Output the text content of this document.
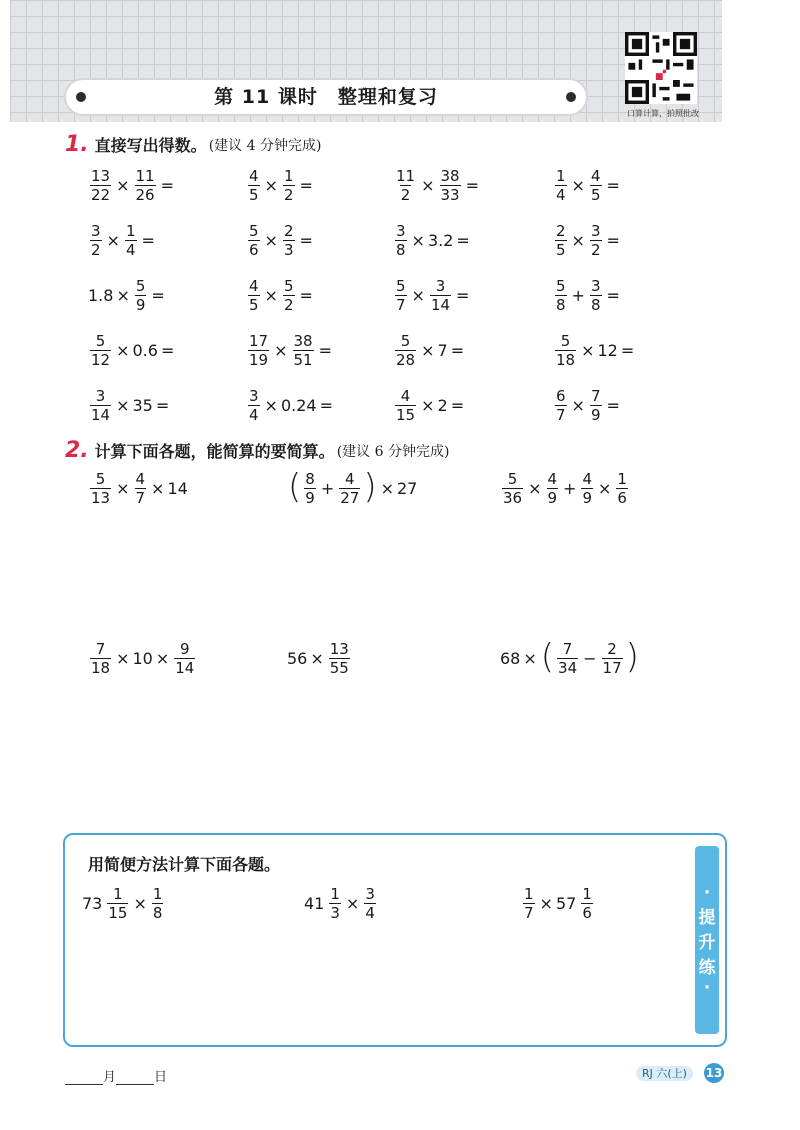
第 11 课时　整理和复习
口算计算，拍照批改
1. 直接写出得数。 (建议 4 分钟完成)
$\frac{13}{22} \times \frac{11}{26}$ =	$\frac{4}{5} \times \frac{1}{2}$ =	$\frac{11}{2} \times \frac{38}{33}$ =	$\frac{1}{4} \times \frac{4}{5}$ =
$\frac{3}{2} \times \frac{1}{4}$ =	$\frac{5}{6} \times \frac{2}{3}$ =	$\frac{3}{8} \times 3.2$ =	$\frac{2}{5} \times \frac{3}{2}$ =
$1.8 \times \frac{5}{9}$ =	$\frac{4}{5} \times \frac{5}{2}$ =	$\frac{5}{7} \times \frac{3}{14}$ =	$\frac{5}{8} + \frac{3}{8}$ =
$\frac{5}{12} \times 0.6$ =	$\frac{17}{19} \times \frac{38}{51}$ =	$\frac{5}{28} \times 7$ =	$\frac{5}{18} \times 12$ =
$\frac{3}{14} \times 35$ =	$\frac{3}{4} \times 0.24$ =	$\frac{4}{15} \times 2$ =	$\frac{6}{7} \times \frac{7}{9}$ =
2. 计算下面各题，能简算的要简算。 (建议 6 分钟完成)
$\frac{5}{13} \times \frac{4}{7} \times 14$	( $\frac{8}{9} + \frac{4}{27}$ ) × 27	$\frac{5}{36} \times \frac{4}{9} + \frac{4}{9} \times \frac{1}{6}$
$\frac{7}{18} \times 10 \times \frac{9}{14}$	$56 \times \frac{13}{55}$	68 × ( $\frac{7}{34} - \frac{2}{17}$ )
·
提
升
练
·
用简便方法计算下面各题。
$73 \frac{1}{15} \times \frac{1}{8}$	$41 \frac{1}{3} \times \frac{3}{4}$	$\frac{1}{7} \times 57 \frac{1}{6}$
月	日	RJ 六(上)	13
